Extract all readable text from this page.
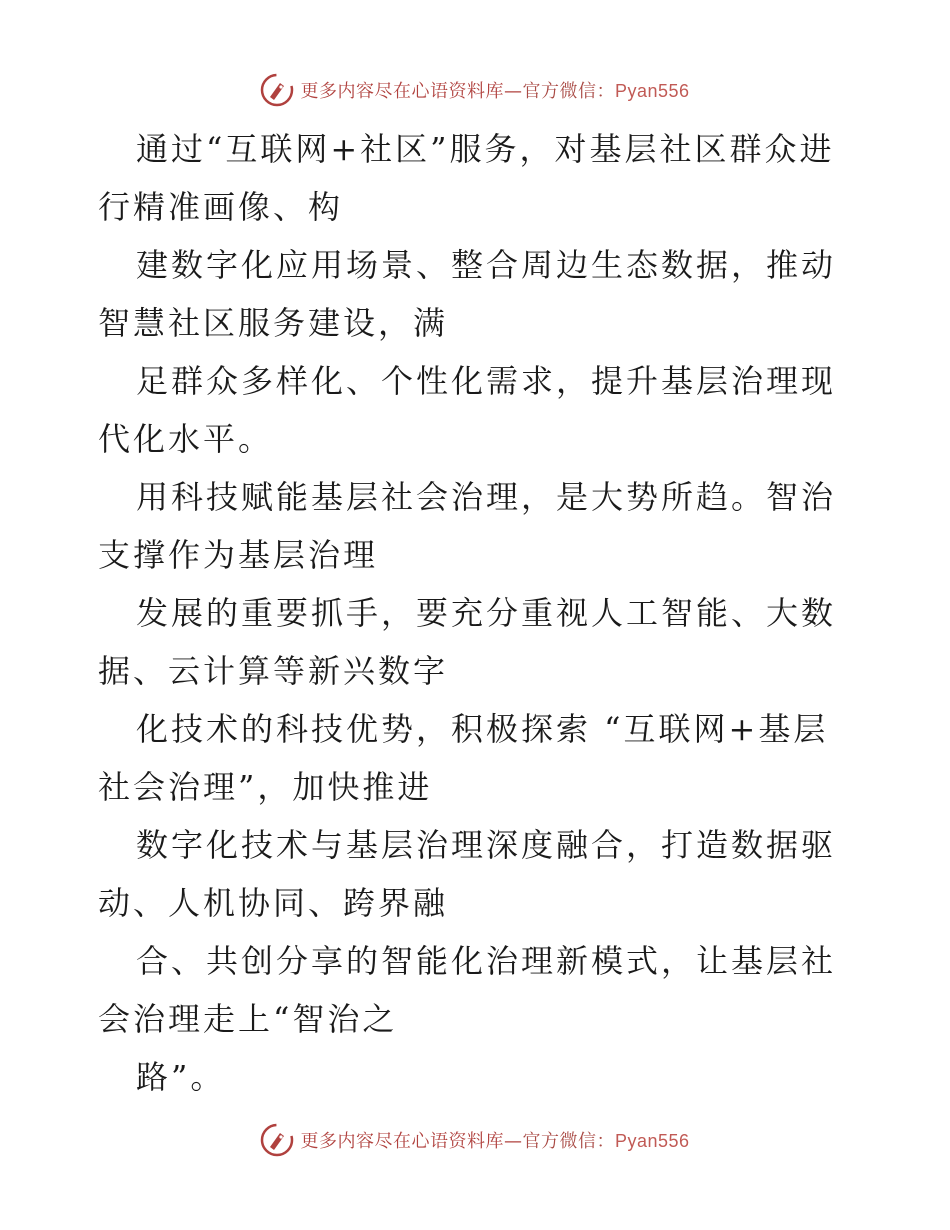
更多内容尽在心语资料库—官方微信：Pyan556

通过“互联网+社区”服务，对基层社区群众进行精准画像、构

建数字化应用场景、整合周边生态数据，推动智慧社区服务建设，满

足群众多样化、个性化需求，提升基层治理现代化水平。

用科技赋能基层社会治理，是大势所趋。智治支撑作为基层治理

发展的重要抓手，要充分重视人工智能、大数据、云计算等新兴数字

化技术的科技优势，积极探索 “互联网+基层社会治理”，加快推进

数字化技术与基层治理深度融合，打造数据驱动、人机协同、跨界融

合、共创分享的智能化治理新模式，让基层社会治理走上“智治之

路”。

更多内容尽在心语资料库—官方微信：Pyan556
